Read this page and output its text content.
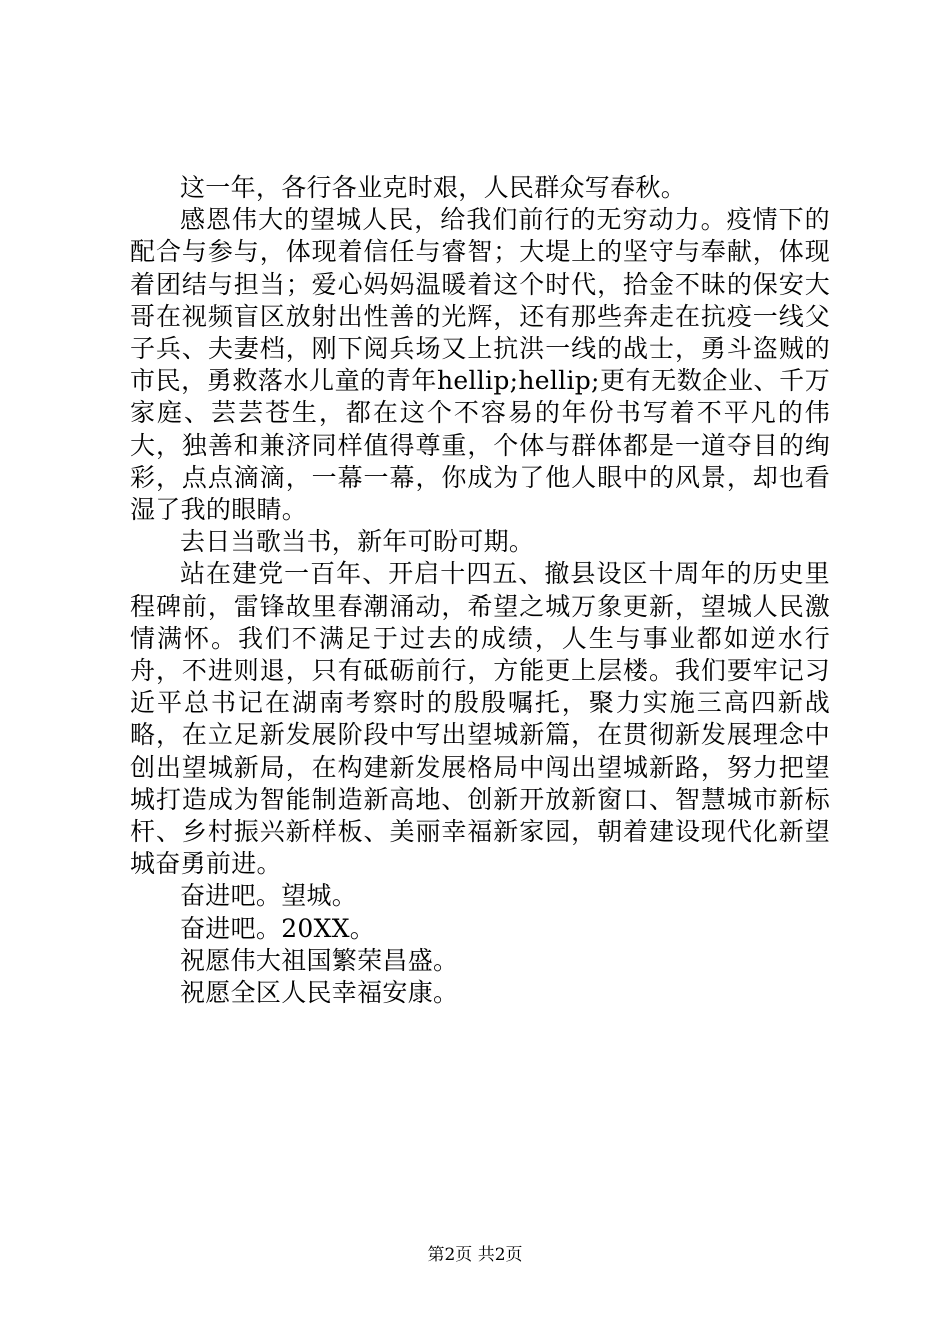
这一年，各行各业克时艰，人民群众写春秋。

感恩伟大的望城人民，给我们前行的无穷动力。疫情下的配合与参与，体现着信任与睿智；大堤上的坚守与奉献，体现着团结与担当；爱心妈妈温暖着这个时代，拾金不昧的保安大哥在视频盲区放射出性善的光辉，还有那些奔走在抗疫一线父子兵、夫妻档，刚下阅兵场又上抗洪一线的战士，勇斗盗贼的市民，勇救落水儿童的青年hellip;hellip;更有无数企业、千万家庭、芸芸苍生，都在这个不容易的年份书写着不平凡的伟大，独善和兼济同样值得尊重，个体与群体都是一道夺目的绚彩，点点滴滴，一幕一幕，你成为了他人眼中的风景，却也看湿了我的眼睛。

去日当歌当书，新年可盼可期。

站在建党一百年、开启十四五、撤县设区十周年的历史里程碑前，雷锋故里春潮涌动，希望之城万象更新，望城人民激情满怀。我们不满足于过去的成绩，人生与事业都如逆水行舟，不进则退，只有砥砺前行，方能更上层楼。我们要牢记习近平总书记在湖南考察时的殷殷嘱托，聚力实施三高四新战略，在立足新发展阶段中写出望城新篇，在贯彻新发展理念中创出望城新局，在构建新发展格局中闯出望城新路，努力把望城打造成为智能制造新高地、创新开放新窗口、智慧城市新标杆、乡村振兴新样板、美丽幸福新家园，朝着建设现代化新望城奋勇前进。

奋进吧。望城。

奋进吧。20XX。

祝愿伟大祖国繁荣昌盛。

祝愿全区人民幸福安康。

第2页 共2页
